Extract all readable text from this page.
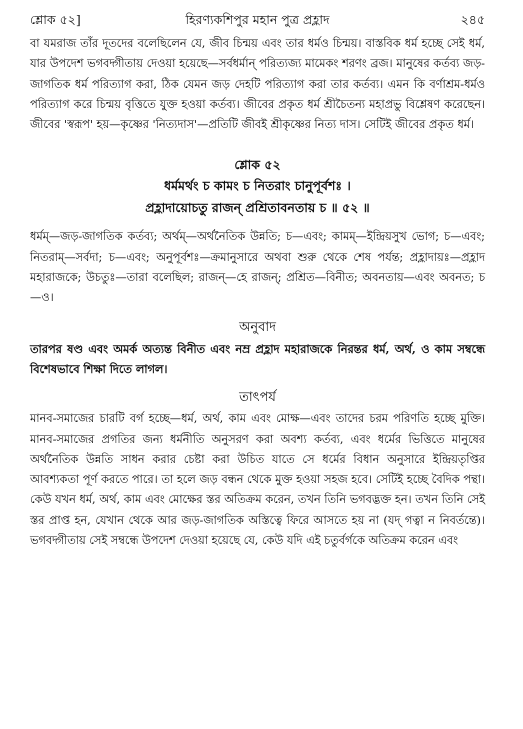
শ্লোক ৫২]	হিরণ্যকশিপুর মহান পুত্র প্রহ্লাদ	২৪৫

বা যমরাজ তাঁর দূতদের বলেছিলেন যে, জীব চিন্ময় এবং তার ধর্মও চিন্ময়। বাস্তবিক ধর্ম হচ্ছে সেই ধর্ম, যার উপদেশ ভগবদ্গীতায় দেওয়া হয়েছে—সর্বধর্মান্ পরিত্যজ্য মামেকং শরণং ব্রজ। মানুষের কর্তব্য জড়-জাগতিক ধর্ম পরিত্যাগ করা, ঠিক যেমন জড় দেহটি পরিত্যাগ করা তার কর্তব্য। এমন কি বর্ণাশ্রম-ধর্মও পরিত্যাগ করে চিন্ময় বৃত্তিতে যুক্ত হওয়া কর্তব্য। জীবের প্রকৃত ধর্ম শ্রীচৈতন্য মহাপ্রভু বিশ্লেষণ করেছেন। জীবের 'স্বরূপ' হয়—কৃষ্ণের 'নিত্যদাস'—প্রতিটি জীবই শ্রীকৃষ্ণের নিত্য দাস। সেটিই জীবের প্রকৃত ধর্ম।

শ্লোক ৫২
ধর্মমর্থং চ কামং চ নিতরাং চানুপূর্বশঃ ।
প্রহ্লাদায়োচতু রাজন্ প্রশ্রিতাবনতায় চ ॥ ৫২ ॥

ধর্মম্—জড়-জাগতিক কর্তব্য; অর্থম্—অর্থনৈতিক উন্নতি; চ—এবং; কামম্—ইন্দ্রিয়সুখ ভোগ; চ—এবং; নিতরাম্—সর্বদা; চ—এবং; অনুপূর্বশঃ—ক্রমানুসারে অথবা শুরু থেকে শেষ পর্যন্ত; প্রহ্লাদায়ঃ—প্রহ্লাদ মহারাজকে; উচতুঃ—তারা বলেছিল; রাজন্—হে রাজন্; প্রশ্রিত—বিনীত; অবনতায়—এবং অবনত; চ—ও।

অনুবাদ

তারপর ষণ্ড এবং অমর্ক অত্যন্ত বিনীত এবং নম্র প্রহ্লাদ মহারাজকে নিরন্তর ধর্ম, অর্থ, ও কাম সম্বন্ধে বিশেষভাবে শিক্ষা দিতে লাগল।

তাৎপর্য

মানব-সমাজের চারটি বর্গ হচ্ছে—ধর্ম, অর্থ, কাম এবং মোক্ষ—এবং তাদের চরম পরিণতি হচ্ছে মুক্তি। মানব-সমাজের প্রগতির জন্য ধর্মনীতি অনুসরণ করা অবশ্য কর্তব্য, এবং ধর্মের ভিত্তিতে মানুষের অর্থনৈতিক উন্নতি সাধন করার চেষ্টা করা উচিত যাতে সে ধর্মের বিধান অনুসারে ইন্দ্রিয়তৃপ্তির আবশ্যকতা পূর্ণ করতে পারে। তা হলে জড় বন্ধন থেকে মুক্ত হওয়া সহজ হবে। সেটিই হচ্ছে বৈদিক পন্থা। কেউ যখন ধর্ম, অর্থ, কাম এবং মোক্ষের স্তর অতিক্রম করেন, তখন তিনি ভগবদ্ভক্ত হন। তখন তিনি সেই স্তর প্রাপ্ত হন, যেখান থেকে আর জড়-জাগতিক অস্তিত্বে ফিরে আসতে হয় না (যদ্ গত্বা ন নিবর্তন্তে)। ভগবদ্গীতায় সেই সম্বন্ধে উপদেশ দেওয়া হয়েছে যে, কেউ যদি এই চতুর্বর্গকে অতিক্রম করেন এবং
